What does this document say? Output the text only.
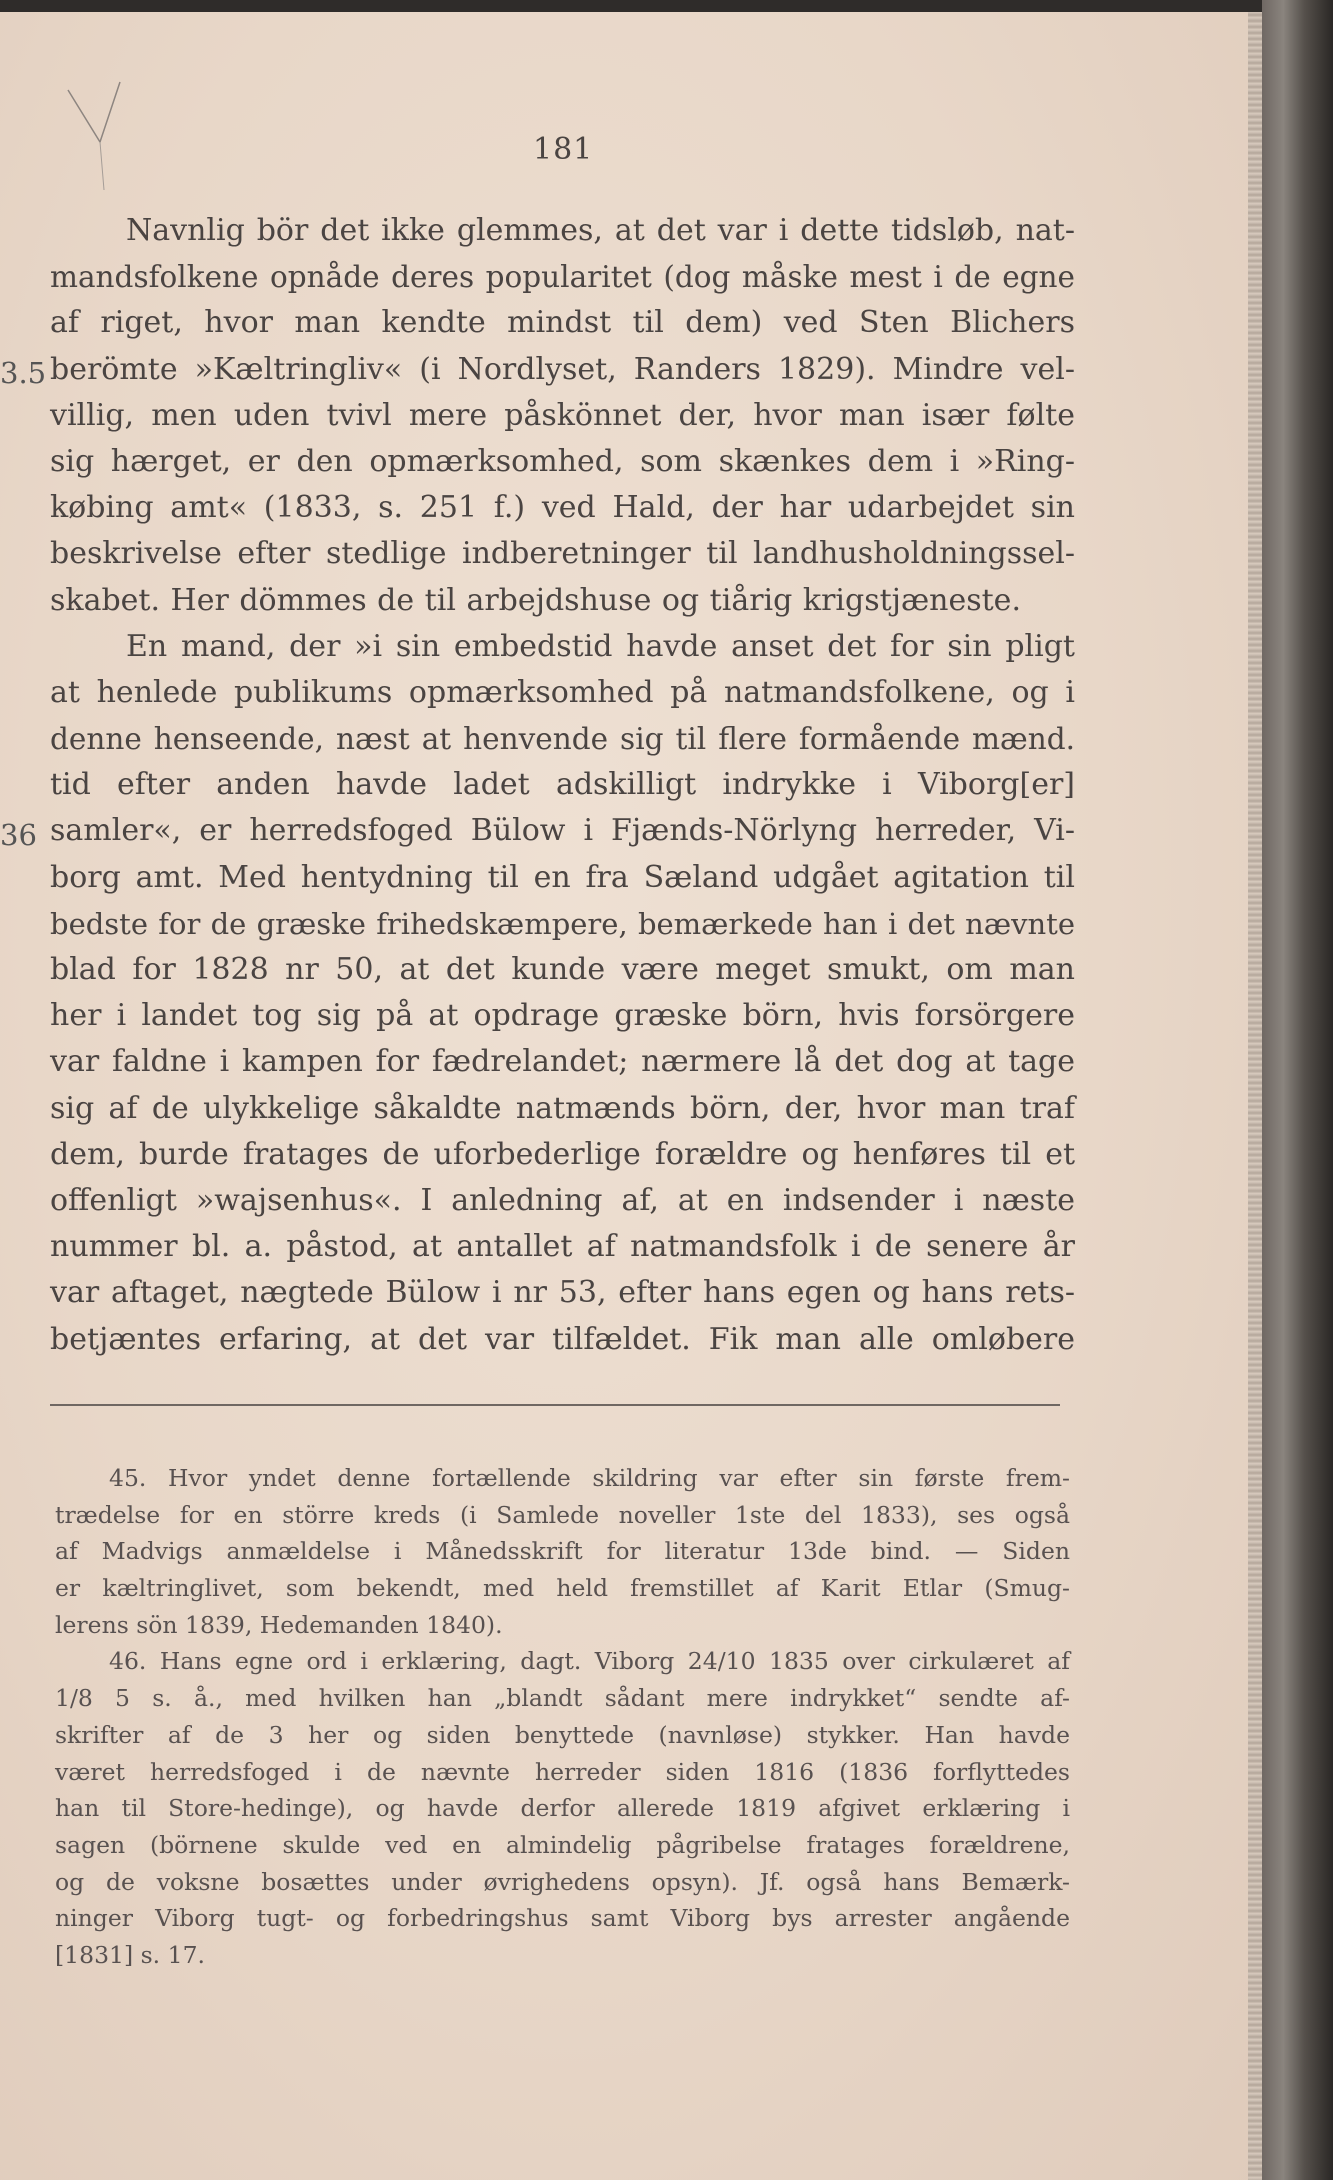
181
3.5
36
Navnlig bör det ikke glemmes, at det var i dette tidsløb, nat-
mandsfolkene opnåde deres popularitet (dog måske mest i de egne
af riget, hvor man kendte mindst til dem) ved Sten Blichers
berömte »Kæltringliv« (i Nordlyset, Randers 1829). Mindre vel-
villig, men uden tvivl mere påskönnet der, hvor man især følte
sig hærget, er den opmærksomhed, som skænkes dem i »Ring-
købing amt« (1833, s. 251 f.) ved Hald, der har udarbejdet sin
beskrivelse efter stedlige indberetninger til landhusholdningssel-
skabet. Her dömmes de til arbejdshuse og tiårig krigstjæneste.
En mand, der »i sin embedstid havde anset det for sin pligt
at henlede publikums opmærksomhed på natmandsfolkene, og i
denne henseende, næst at henvende sig til flere formående mænd.
tid efter anden havde ladet adskilligt indrykke i Viborg[er]
samler«, er herredsfoged Bülow i Fjænds-Nörlyng herreder, Vi-
borg amt. Med hentydning til en fra Sæland udgået agitation til
bedste for de græske frihedskæmpere, bemærkede han i det nævnte
blad for 1828 nr 50, at det kunde være meget smukt, om man
her i landet tog sig på at opdrage græske börn, hvis forsörgere
var faldne i kampen for fædrelandet; nærmere lå det dog at tage
sig af de ulykkelige såkaldte natmænds börn, der, hvor man traf
dem, burde fratages de uforbederlige forældre og henføres til et
offenligt »wajsenhus«. I anledning af, at en indsender i næste
nummer bl. a. påstod, at antallet af natmandsfolk i de senere år
var aftaget, nægtede Bülow i nr 53, efter hans egen og hans rets-
betjæntes erfaring, at det var tilfældet. Fik man alle omløbere
45. Hvor yndet denne fortællende skildring var efter sin første frem-
trædelse for en större kreds (i Samlede noveller 1ste del 1833), ses også
af Madvigs anmældelse i Månedsskrift for literatur 13de bind. — Siden
er kæltringlivet, som bekendt, med held fremstillet af Karit Etlar (Smug-
lerens sön 1839, Hedemanden 1840).
46. Hans egne ord i erklæring, dagt. Viborg 24/10 1835 over cirkulæret af
1/8 5 s. å., med hvilken han „blandt sådant mere indrykket“ sendte af-
skrifter af de 3 her og siden benyttede (navnløse) stykker. Han havde
været herredsfoged i de nævnte herreder siden 1816 (1836 forflyttedes
han til Store-hedinge), og havde derfor allerede 1819 afgivet erklæring i
sagen (börnene skulde ved en almindelig pågribelse fratages forældrene,
og de voksne bosættes under øvrighedens opsyn). Jf. også hans Bemærk-
ninger Viborg tugt- og forbedringshus samt Viborg bys arrester angående
[1831] s. 17.
